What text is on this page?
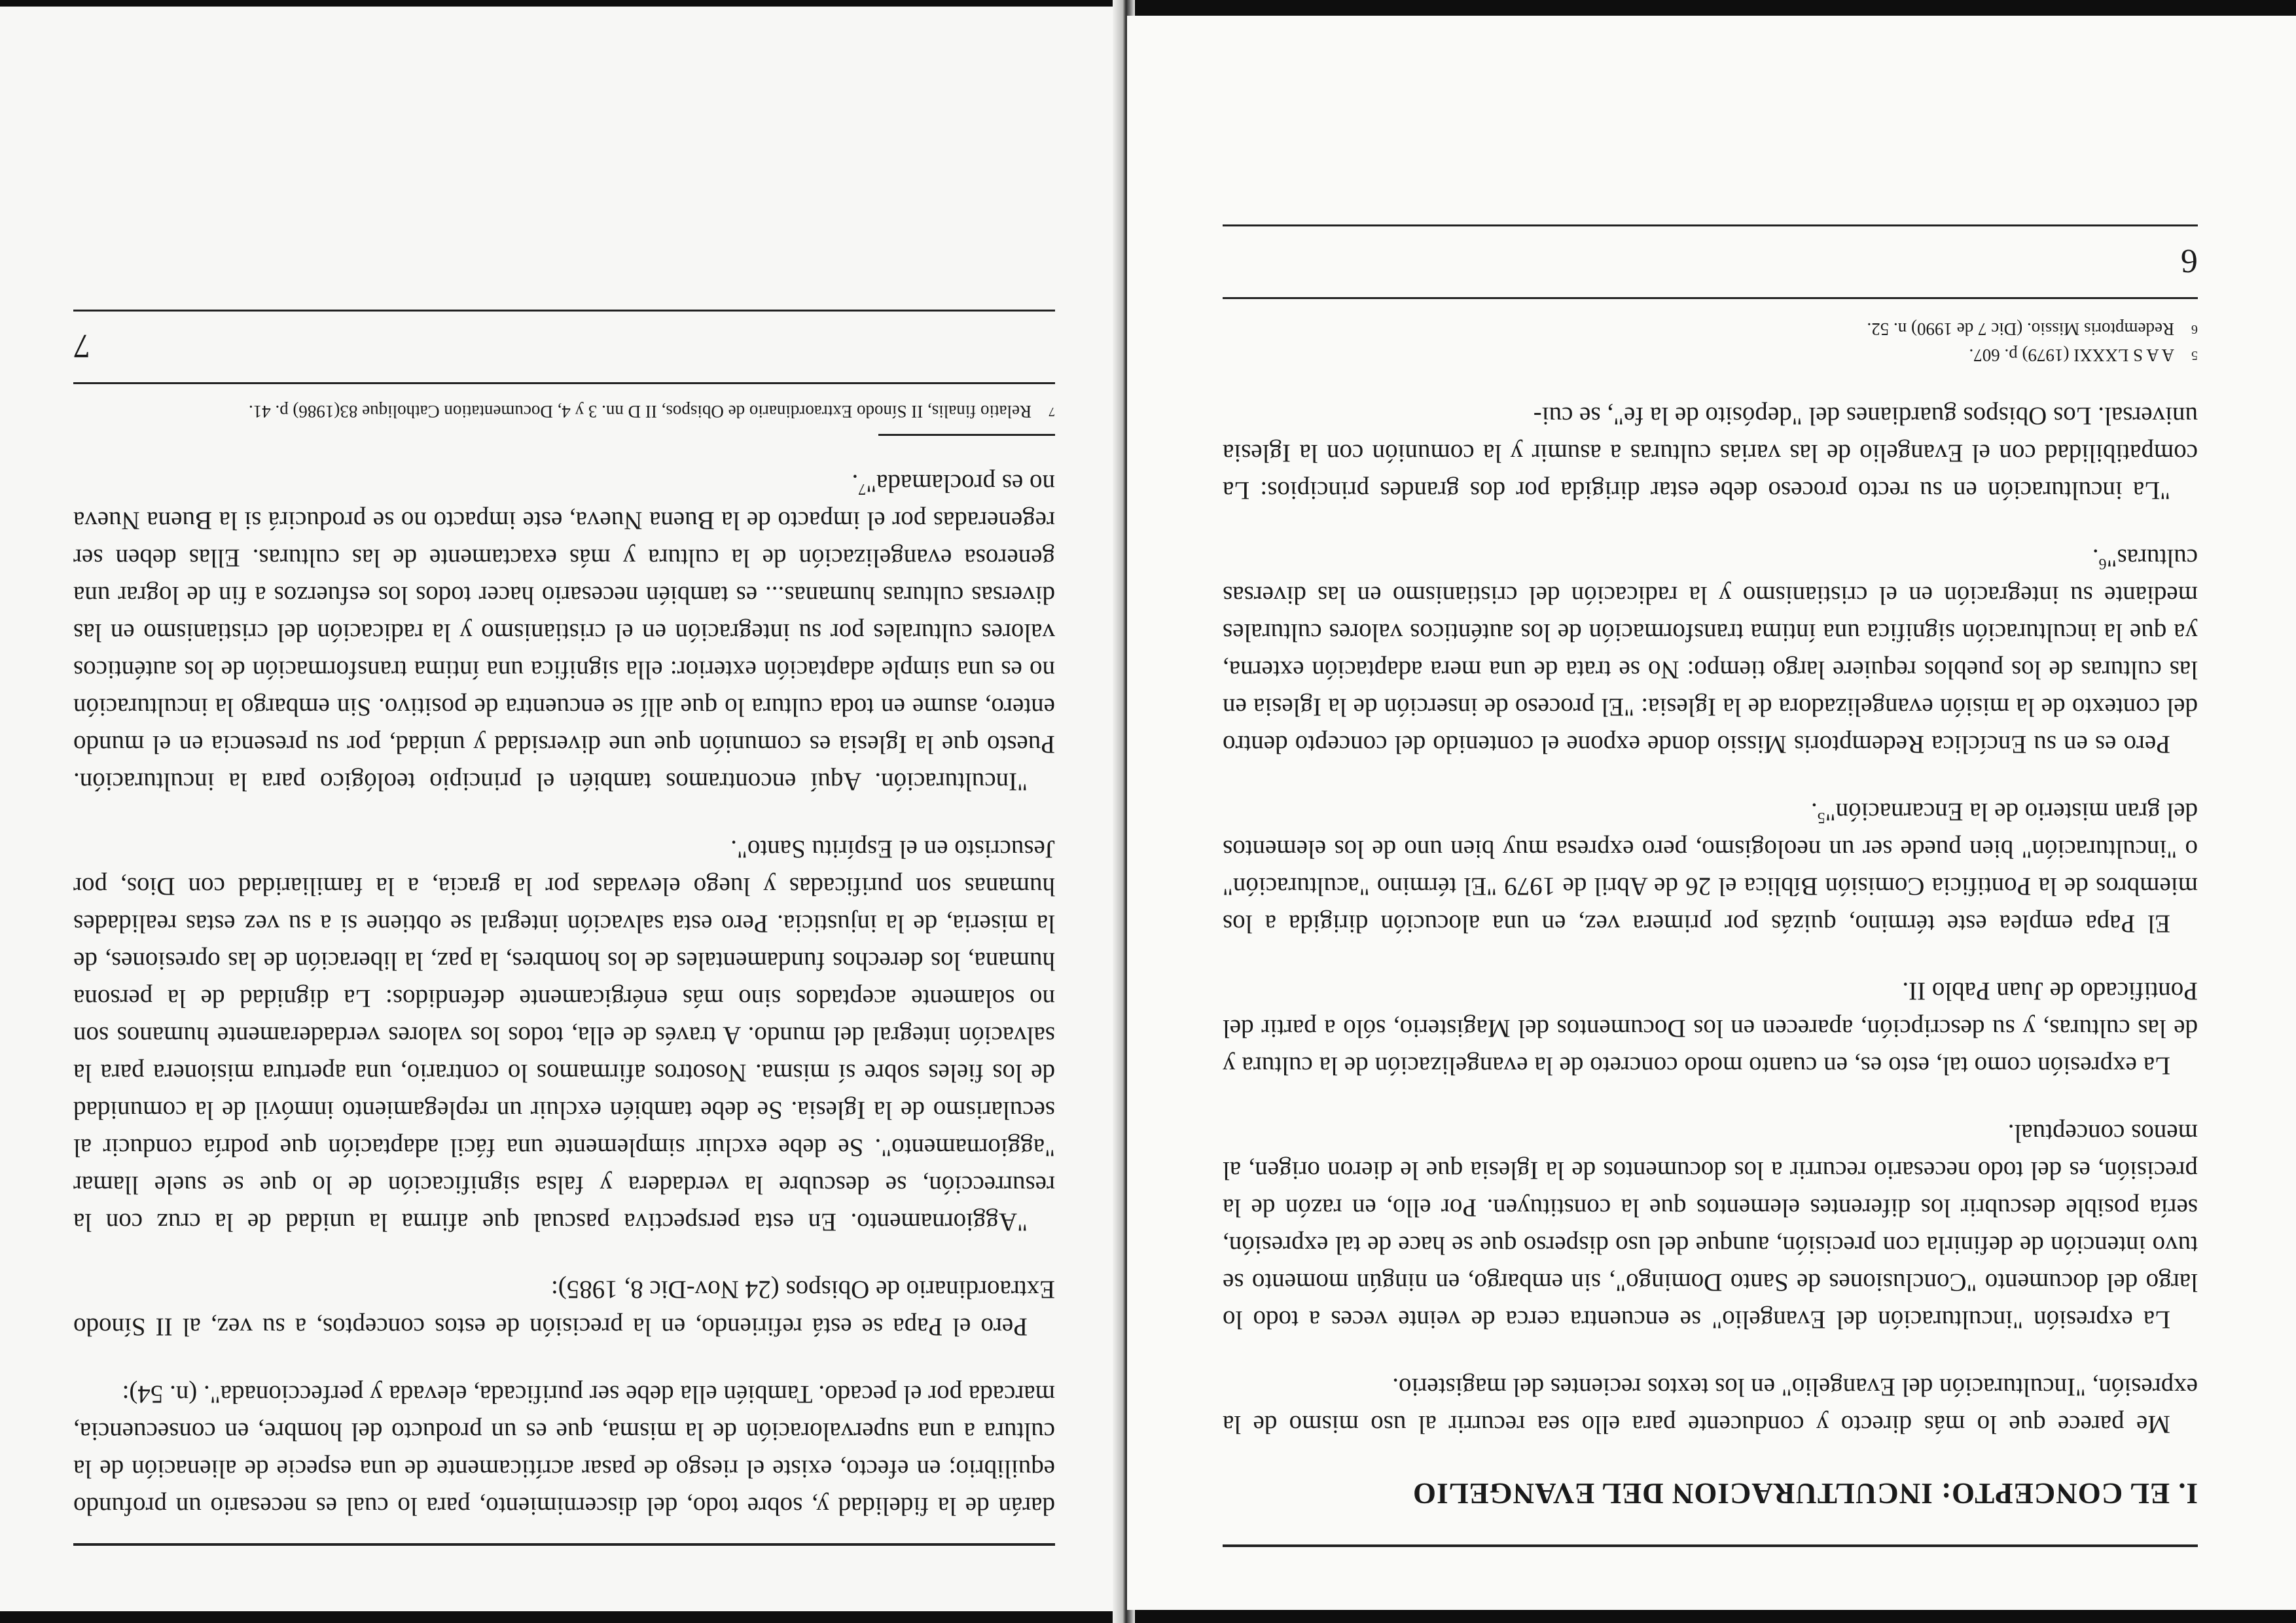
darán de la fidelidad y, sobre todo, del discernimiento, para lo cual es necesario un profundo equilibrio; en efecto, existe el riesgo de pasar acríticamente de una especie de alienación de la cultura a una supervaloración de la misma, que es un producto del hombre, en consecuencia, marcada por el pecado. También ella debe ser purificada, elevada y perfeccionada". (n. 54):

Pero el Papa se está refiriendo, en la precisión de estos conceptos, a su vez, al II Sínodo Extraordinario de Obispos (24 Nov-Dic 8, 1985):

"Aggiornamento. En esta perspectiva pascual que afirma la unidad de la cruz con la resurrección, se descubre la verdadera y falsa significación de lo que se suele llamar "aggiornamento". Se debe excluir simplemente una fácil adaptación que podría conducir al secularismo de la Iglesia. Se debe también excluir un replegamiento inmóvil de la comunidad de los fieles sobre sí misma. Nosotros afirmamos lo contrario, una apertura misionera para la salvación integral del mundo. A través de ella, todos los valores verdaderamente humanos son no solamente aceptados sino más enérgicamente defendidos: La dignidad de la persona humana, los derechos fundamentales de los hombres, la paz, la liberación de las opresiones, de la miseria, de la injusticia. Pero esta salvación integral se obtiene si a su vez estas realidades humanas son purificadas y luego elevadas por la gracia, a la familiaridad con Dios, por Jesucristo en el Espíritu Santo".

"Inculturación. Aquí encontramos también el principio teológico para la inculturación. Puesto que la Iglesia es comunión que une diversidad y unidad, por su presencia en el mundo entero, asume en toda cultura lo que allí se encuentra de positivo. Sin embargo la inculturación no es una simple adaptación exterior: ella significa una íntima transformación de los auténticos valores culturales por su integración en el cristianismo y la radicación del cristianismo en las diversas culturas humanas... es también necesario hacer todos los esfuerzos a fin de lograr una generosa evangelización de la cultura y más exactamente de las culturas. Ellas deben ser regeneradas por el impacto de la Buena Nueva, este impacto no se producirá si la Buena Nueva no es proclamada"$^7$.

7
Relatio finalis, II Sínodo Extraordinario de Obispos, II D nn. 3 y 4, Documentation Catholique 83(1986) p. 41.
7
I. EL CONCEPTO: INCULTURACION DEL EVANGELIO

Me parece que lo más directo y conducente para ello sea recurrir al uso mismo de la expresión, "Inculturación del Evangelio" en los textos recientes del magisterio.

La expresión "inculturación del Evangelio" se encuentra cerca de veinte veces a todo lo largo del documento "Conclusiones de Santo Domingo", sin embargo, en ningún momento se tuvo intención de definirla con precisión, aunque del uso disperso que se hace de tal expresión, sería posible descubrir los diferentes elementos que la constituyen. Por ello, en razón de la precisión, es del todo necesario recurrir a los documentos de la Iglesia que le dieron origen, al menos conceptual.

La expresión como tal, esto es, en cuanto modo concreto de la evangelización de la cultura y de las culturas, y su descripción, aparecen en los Documentos del Magisterio, sólo a partir del Pontificado de Juan Pablo II.

El Papa emplea este término, quizás por primera vez, en una alocución dirigida a los miembros de la Pontificia Comisión Bíblica el 26 de Abril de 1979 "El término "aculturación" o "inculturación" bien puede ser un neologismo, pero expresa muy bien uno de los elementos del gran misterio de la Encarnación"$^5$.

Pero es en su Encíclica Redemptoris Missio donde expone el contenido del concepto dentro del contexto de la misión evangelizadora de la Iglesia: "El proceso de inserción de la Iglesia en las culturas de los pueblos requiere largo tiempo: No se trata de una mera adaptación externa, ya que la inculturación significa una íntima transformación de los auténticos valores culturales mediante su integración en el cristianismo y la radicación del cristianismo en las diversas culturas"$^6$.

"La inculturación en su recto proceso debe estar dirigida por dos grandes principios: La compatibilidad con el Evangelio de las varias culturas a asumir y la comunión con la Iglesia universal. Los Obispos guardianes del "depósito de la fe", se cui-

5
A A S LXXXI (1979) p. 607.
6
Redemptoris Missio. (Dic 7 de 1990) n. 52.
6
